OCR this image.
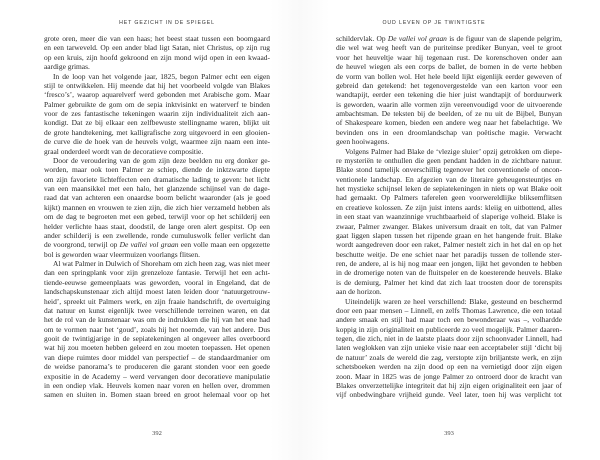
HET GEZICHT IN DE SPIEGEL
grote oren, meer die van een haas; het beest staat tussen een boomgaard
en een tarweveld. Op een ander blad ligt Satan, niet Christus, op zijn rug
op een kruis, zijn hoofd gekroond en zijn mond wijd open in een kwaad-
aardige grimas.
In de loop van het volgende jaar, 1825, begon Palmer echt een eigen
stijl te ontwikkelen. Hij meende dat hij het voorbeeld volgde van Blakes
‘fresco’s’, waarop aquarelverf werd gebonden met Arabische gom. Maar
Palmer gebruikte de gom om de sepia inktvisinkt en waterverf te binden
voor de zes fantastische tekeningen waarin zijn individualiteit zich aan-
kondigt. Dat ze bij elkaar een zelfbewuste stellingname waren, blijkt uit
de grote handtekening, met kalligrafische zorg uitgevoerd in een glooien-
de curve die de hoek van de heuvels volgt, waarmee zijn naam een inte-
graal onderdeel wordt van de decoratieve compositie.
Door de veroudering van de gom zijn deze beelden nu erg donker ge-
worden, maar ook toen Palmer ze schiep, diende de inktzwarte diepte
om zijn favoriete lichteffecten een dramatische lading te geven: het licht
van een maansikkel met een halo, het glanzende schijnsel van de dage-
raad dat van achteren een onaardse boom belicht waaronder (als je goed
kijkt) mannen en vrouwen te zien zijn, die zich hier verzameld hebben als
om de dag te begroeten met een gebed, terwijl voor op het schilderij een
helder verlichte haas staat, doodstil, de lange oren alert gespitst. Op een
ander schilderij is een zwellende, ronde cumuluswolk feller verlicht dan
de voorgrond, terwijl op De vallei vol graan een volle maan een opgezette
bol is geworden waar vleermuizen voorlangs flitsen.
Al wat Palmer in Dulwich of Shoreham om zich heen zag, was niet meer
dan een springplank voor zijn grenzeloze fantasie. Terwijl het een acht-
tiende-eeuwse gemeenplaats was geworden, vooral in Engeland, dat de
landschapskunstenaar zich altijd moest laten leiden door ‘natuurgetrouw-
heid’, spreekt uit Palmers werk, en zijn fraaie handschrift, de overtuiging
dat natuur en kunst eigenlijk twee verschillende terreinen waren, en dat
het de rol van de kunstenaar was om de indrukken die hij van het ene had
om te vormen naar het ‘goud’, zoals hij het noemde, van het andere. Dus
gooit de twintigjarige in de sepiatekeningen al ongeveer alles overboord
wat hij zou moeten hebben geleerd en zou moeten toepassen. Het openen
van diepe ruimtes door middel van perspectief – de standaardmanier om
de weidse panorama’s te produceren die garant stonden voor een goede
expositie in de Academy – werd vervangen door decoratieve manipulatie
in een ondiep vlak. Heuvels komen naar voren en hellen over, drommen
samen en sluiten in. Bomen staan breed en groot helemaal voor op het
392
OUD LEVEN OP JE TWINTIGSTE
schildervlak. Op De vallei vol graan is de figuur van de slapende pelgrim,
die wel wat weg heeft van de puriteinse prediker Bunyan, veel te groot
voor het heuveltje waar hij tegenaan rust. De korenschoven onder aan
de heuvel wiegen als een corps de ballet, de bomen in de verte hebben
de vorm van bollen wol. Het hele beeld lijkt eigenlijk eerder geweven of
gebreid dan getekend: het tegenovergestelde van een karton voor een
wandtapijt, eerder een tekening die hier juist wandtapijt of borduurwerk
is geworden, waarin alle vormen zijn vereenvoudigd voor de uitvoerende
ambachtsman. De teksten bij de beelden, of ze nu uit de Bijbel, Bunyan
of Shakespeare komen, bieden een andere weg naar het fabelachtige. We
bevinden ons in een droomlandschap van poëtische magie. Verwacht
geen hooiwagens.
Volgens Palmer had Blake de ‘vlezige sluier’ opzij getrokken om diepe-
re mysteriën te onthullen die geen pendant hadden in de zichtbare natuur.
Blake stond tamelijk onverschillig tegenover het conventionele of oncon-
ventionele landschap. En afgezien van de literaire geheugensteuntjes en
het mystieke schijnsel leken de sepiatekeningen in niets op wat Blake ooit
had gemaakt. Op Palmers taferelen geen voorwereldlijke bliksemflitsen
en creatieve kolossen. Ze zijn juist intens aards: kleiig en uitbottend, alles
in een staat van waanzinnige vruchtbaarheid of slaperige volheid. Blake is
zwaar, Palmer zwanger. Blakes universum draait en tolt, dat van Palmer
gaat liggen slapen tussen het rijpende graan en het hangende fruit. Blake
wordt aangedreven door een raket, Palmer nestelt zich in het dal en op het
beschutte weitje. De ene schiet naar het paradijs tussen de tollende ster-
ren, de andere, al is hij nog maar een jongen, lijkt het gevonden te hebben
in de dromerige noten van de fluitspeler en de koesterende heuvels. Blake
is de demiurg, Palmer het kind dat zich laat troosten door de torenspits
aan de horizon.
Uiteindelijk waren ze heel verschillend: Blake, gesteund en beschermd
door een paar mensen – Linnell, en zelfs Thomas Lawrence, die een totaal
andere smaak en stijl had maar toch een bewonderaar was –, volhardde
koppig in zijn originaliteit en publiceerde zo veel mogelijk. Palmer daaren-
tegen, die zich, niet in de laatste plaats door zijn schoonvader Linnell, had
laten weglokken van zijn unieke visie naar een acceptabeler stijl ‘dicht bij
de natuur’ zoals de wereld die zag, verstopte zijn briljantste werk, en zijn
schetsboeken werden na zijn dood op een na vernietigd door zijn eigen
zoon. Maar in 1825 was de jonge Palmer zo ontroerd door de kracht van
Blakes onverzettelijke integriteit dat hij zijn eigen originaliteit een jaar of
vijf onbedwingbare vrijheid gunde. Veel later, toen hij was verplicht tot
393
